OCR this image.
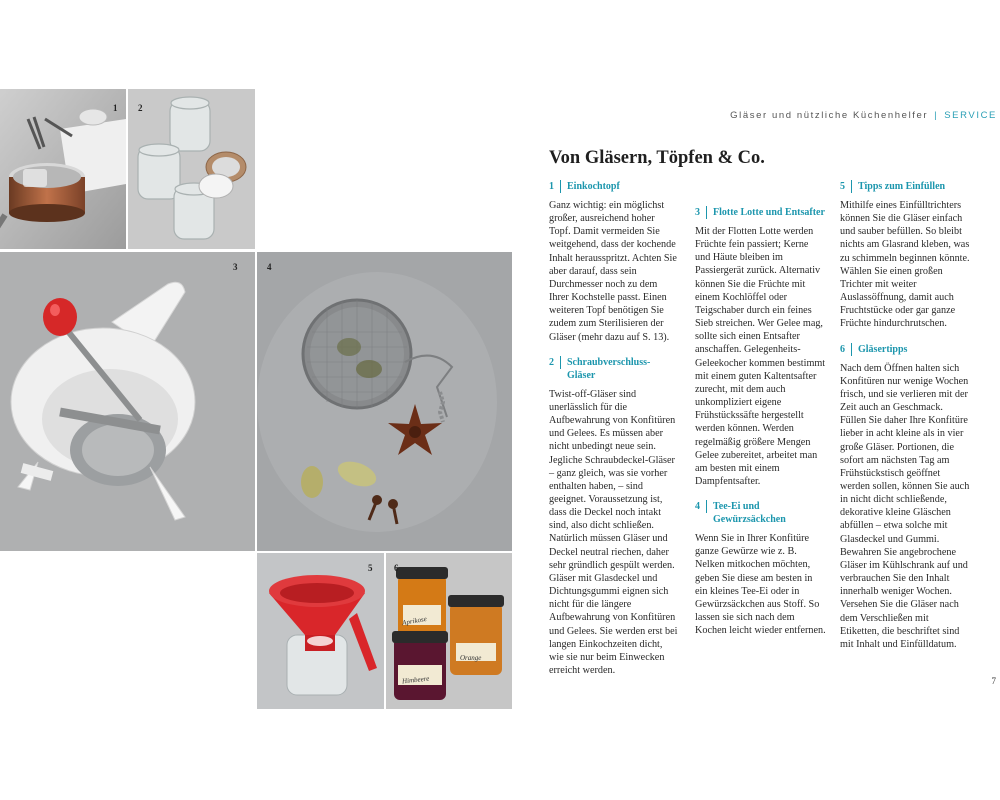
1 2
3	4
5
Aprikose
Orange
Himbeere
6
Gläser und nützliche Küchenhelfer | SERVICE
Von Gläsern, Töpfen & Co.
1	Einkochtopf

Ganz wichtig: ein möglichst großer, ausreichend hoher Topf. Damit vermeiden Sie weitgehend, dass der kochende Inhalt herausspritzt. Achten Sie aber darauf, dass sein Durchmesser noch zu dem Ihrer Kochstelle passt. Einen weiteren Topf benötigen Sie zudem zum Sterilisieren der Gläser (mehr dazu auf S. 13).

2	Schraubverschluss-Gläser

Twist-off-Gläser sind unerlässlich für die Aufbewahrung von Konfitüren und Gelees. Es müssen aber nicht unbedingt neue sein. Jegliche Schraubdeckel-Gläser – ganz gleich, was sie vorher enthalten haben, – sind geeignet. Voraussetzung ist, dass die Deckel noch intakt sind, also dicht schließen. Natürlich müssen Gläser und Deckel neutral riechen, daher sehr gründlich gespült werden. Gläser mit Glasdeckel und Dichtungsgummi eignen sich nicht für die längere Aufbewahrung von Konfitüren und Gelees. Sie werden erst bei langen Einkochzeiten dicht, wie sie nur beim Einwecken erreicht werden.

3	Flotte Lotte und Entsafter

Mit der Flotten Lotte werden Früchte fein passiert; Kerne und Häute bleiben im Passiergerät zurück. Alternativ können Sie die Früchte mit einem Kochlöffel oder Teigschaber durch ein feines Sieb streichen. Wer Gelee mag, sollte sich einen Entsafter anschaffen. Gelegenheits-Geleekocher kommen bestimmt mit einem guten Kaltentsafter zurecht, mit dem auch unkompliziert eigene Frühstückssäfte hergestellt werden können. Werden regelmäßig größere Mengen Gelee zubereitet, arbeitet man am besten mit einem Dampfentsafter.

4	Tee-Ei und Gewürzsäckchen

Wenn Sie in Ihrer Konfitüre ganze Gewürze wie z. B. Nelken mitkochen möchten, geben Sie diese am besten in ein kleines Tee-Ei oder in Gewürzsäckchen aus Stoff. So lassen sie sich nach dem Kochen leicht wieder entfernen.

5	Tipps zum Einfüllen

Mithilfe eines Einfülltrichters können Sie die Gläser einfach und sauber befüllen. So bleibt nichts am Glasrand kleben, was zu schimmeln beginnen könnte. Wählen Sie einen großen Trichter mit weiter Auslassöffnung, damit auch Fruchtstücke oder gar ganze Früchte hindurchrutschen.

6	Gläsertipps

Nach dem Öffnen halten sich Konfitüren nur wenige Wochen frisch, und sie verlieren mit der Zeit auch an Geschmack. Füllen Sie daher Ihre Konfitüre lieber in acht kleine als in vier große Gläser. Portionen, die sofort am nächsten Tag am Frühstückstisch geöffnet werden sollen, können Sie auch in nicht dicht schließende, dekorative kleine Gläschen abfüllen – etwa solche mit Glasdeckel und Gummi. Bewahren Sie angebrochene Gläser im Kühlschrank auf und verbrauchen Sie den Inhalt innerhalb weniger Wochen. Versehen Sie die Gläser nach dem Verschließen mit Etiketten, die beschriftet sind mit Inhalt und Einfülldatum.

7
